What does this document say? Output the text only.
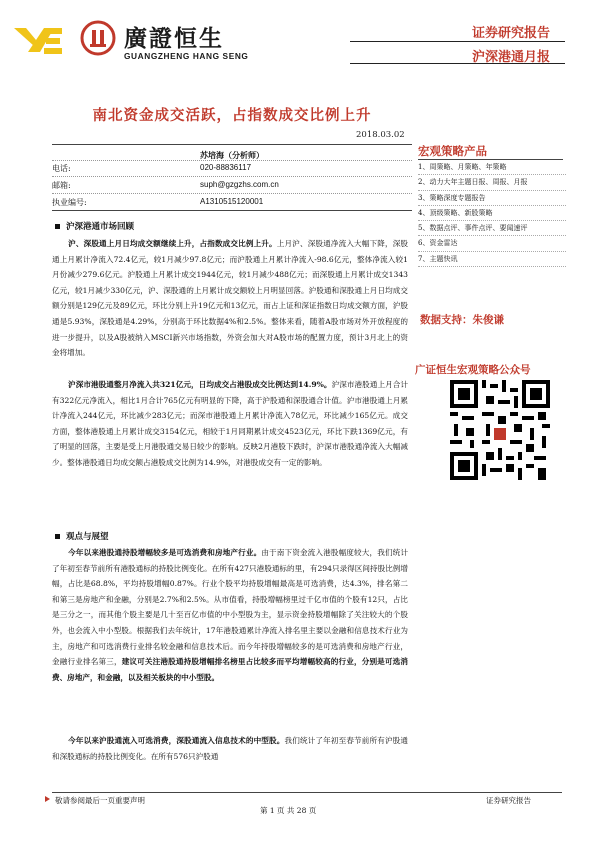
廣證恒生
GUANGZHENG HANG SENG
证券研究报告
沪深港通月报
南北资金成交活跃，占指数成交比例上升
2018.03.02
苏培海（分析师）
电话:	020-88836117
邮箱:	suph@gzgzhs.com.cn
执业编号:	A1310515120001
沪深港通市场回顾
沪、深股通上月日均成交额继续上升，占指数成交比例上升。上月沪、深股通净流入大幅下降，深股通上月累计净流入72.4亿元，较1月减少97.8亿元；而沪股通上月累计净流入-98.6亿元，整体净流入较1月份减少279.6亿元。沪股通上月累计成交1944亿元，较1月减少488亿元；而深股通上月累计成交1343亿元，较1月减少330亿元，沪、深股通的上月累计成交额较上月明显回落。沪股通和深股通上月日均成交额分别是129亿元及89亿元，环比分别上升19亿元和13亿元，而占上证和深证指数日均成交额方面，沪股通是5.93%，深股通是4.29%，分别高于环比数据4%和2.5%。整体来看，随着A股市场对外开放程度的进一步提升，以及A股被纳入MSCI新兴市场指数，外资会加大对A股市场的配置力度，预计3月北上的资金将增加。
沪深市港股通整月净流入共321亿元，日均成交占港股成交比例达到14.9%。沪深市港股通上月合计有322亿元净流入，相比1月合计765亿元有明显的下降，高于沪股通和深股通合计值。沪市港股通上月累计净流入244亿元，环比减少283亿元；而深市港股通上月累计净流入78亿元，环比减少165亿元。成交方面，整体港股通上月累计成交3154亿元，相较于1月同期累计成交4523亿元，环比下跌1369亿元，有了明显的回落，主要是受上月港股通交易日较少的影响。反映2月港股下跌时，沪深市港股通净流入大幅减少。整体港股通日均成交额占港股成交比例为14.9%，对港股成交有一定的影响。
观点与展望
今年以来港股通持股增幅较多是可选消费和房地产行业。由于南下资金流入港股幅度较大，我们统计了年初至春节前所有港股通标的持股比例变化。在所有427只港股通标的里，有294只录得区间持股比例增幅，占比是68.8%，平均持股增幅0.87%。行业个股平均持股增幅最高是可选消费，达4.3%，排名第二和第三是房地产和金融，分别是2.7%和2.5%。从市值看，持股增幅榜里过千亿市值的个股有12只，占比是三分之一，而其他个股主要是几十至百亿市值的中小型股为主，显示资金持股增幅除了关注较大的个股外，也会流入中小型股。根据我们去年统计，17年港股通累计净流入排名里主要以金融和信息技术行业为主，房地产和可选消费行业排名较金融和信息技术后。而今年持股增幅较多的是可选消费和房地产行业，金融行业排名第三，建议可关注港股通持股增幅排名榜里占比较多而平均增幅较高的行业，分别是可选消费、房地产，和金融，以及相关板块的中小型股。
今年以来沪股通流入可选消费，深股通流入信息技术的中型股。我们统计了年初至春节前所有沪股通和深股通标的持股比例变化。在所有576只沪股通
宏观策略产品
1、周策略、月策略、年策略
2、动力大年主题日报、周报、月报
3、策略深度专题报告
4、顶级策略、新股策略
5、数据点评、事件点评、要闻速评
6、资金雷达
7、主题快讯
数据支持：朱俊谦
广证恒生宏观策略公众号
敬请参阅最后一页重要声明
第 1 页 共 28 页
证券研究报告
